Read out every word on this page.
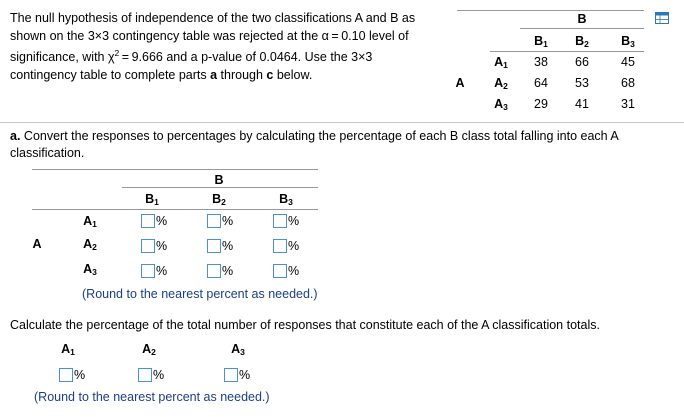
The null hypothesis of independence of the two classifications A and B as
shown on the 3×3 contingency table was rejected at the α = 0.10 level of
significance, with $\chi^2 = 9.666$ and a p-value of 0.0464. Use the 3×3
contingency table to complete parts a through c below.
B
$B_1$	$B_2$	$B_3$
A
$A_1$	38	66	45
$A_2$	64	53	68
$A_3$	29	41	31
a. Convert the responses to percentages by calculating the percentage of each B class total falling into each A
classification.
B
$B_1$	$B_2$	$B_3$
A
$A_1$	%	%	%
$A_2$	%	%	%
$A_3$	%	%	%
(Round to the nearest percent as needed.)
Calculate the percentage of the total number of responses that constitute each of the A classification totals.
$A_1$	$A_2$	$A_3$
%	%	%
(Round to the nearest percent as needed.)
